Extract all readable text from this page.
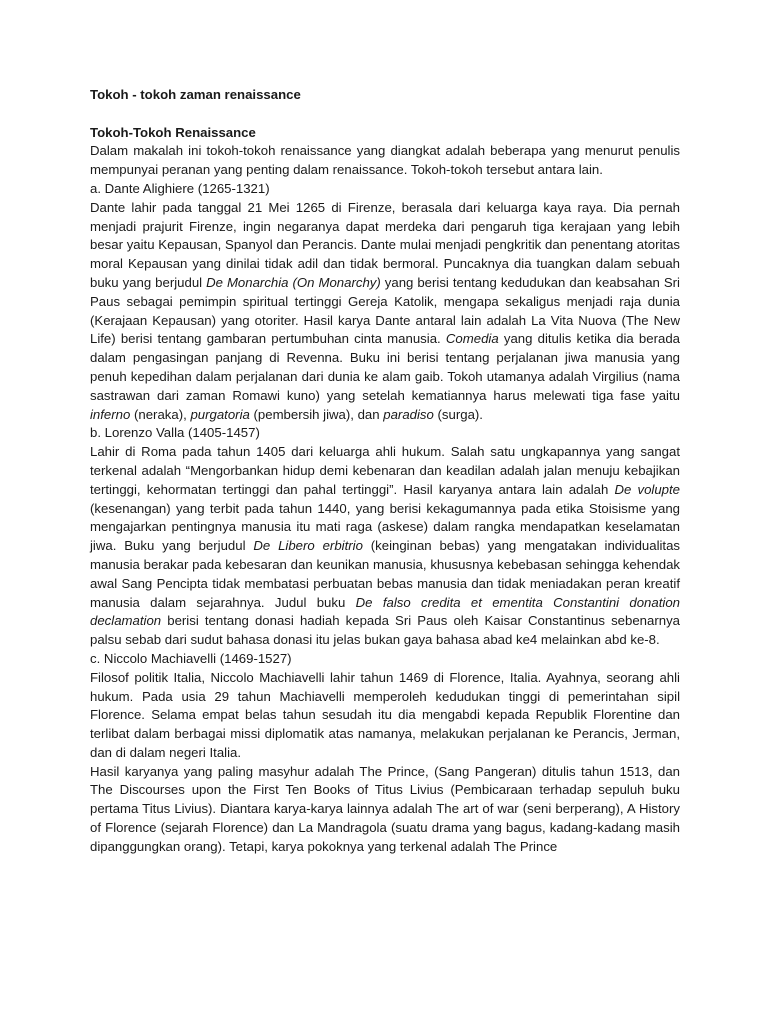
Tokoh - tokoh zaman renaissance
Tokoh-Tokoh Renaissance

Dalam makalah ini tokoh-tokoh renaissance yang diangkat adalah beberapa yang menurut penulis mempunyai peranan yang penting dalam renaissance. Tokoh-tokoh tersebut antara lain.

a. Dante Alighiere (1265-1321)

Dante lahir pada tanggal 21 Mei 1265 di Firenze, berasala dari keluarga kaya raya. Dia pernah menjadi prajurit Firenze, ingin negaranya dapat merdeka dari pengaruh tiga kerajaan yang lebih besar yaitu Kepausan, Spanyol dan Perancis. Dante mulai menjadi pengkritik dan penentang atoritas moral Kepausan yang dinilai tidak adil dan tidak bermoral. Puncaknya dia tuangkan dalam sebuah buku yang berjudul De Monarchia (On Monarchy) yang berisi tentang kedudukan dan keabsahan Sri Paus sebagai pemimpin spiritual tertinggi Gereja Katolik, mengapa sekaligus menjadi raja dunia (Kerajaan Kepausan) yang otoriter. Hasil karya Dante antaral lain adalah La Vita Nuova (The New Life) berisi tentang gambaran pertumbuhan cinta manusia. Comedia yang ditulis ketika dia berada dalam pengasingan panjang di Revenna. Buku ini berisi tentang perjalanan jiwa manusia yang penuh kepedihan dalam perjalanan dari dunia ke alam gaib. Tokoh utamanya adalah Virgilius (nama sastrawan dari zaman Romawi kuno) yang setelah kematiannya harus melewati tiga fase yaitu inferno (neraka), purgatoria (pembersih jiwa), dan paradiso (surga).

b. Lorenzo Valla (1405-1457)

Lahir di Roma pada tahun 1405 dari keluarga ahli hukum. Salah satu ungkapannya yang sangat terkenal adalah “Mengorbankan hidup demi kebenaran dan keadilan adalah jalan menuju kebajikan tertinggi, kehormatan tertinggi dan pahal tertinggi”. Hasil karyanya antara lain adalah De volupte (kesenangan) yang terbit pada tahun 1440, yang berisi kekagumannya pada etika Stoisisme yang mengajarkan pentingnya manusia itu mati raga (askese) dalam rangka mendapatkan keselamatan jiwa. Buku yang berjudul De Libero erbitrio (keinginan bebas) yang mengatakan individualitas manusia berakar pada kebesaran dan keunikan manusia, khususnya kebebasan sehingga kehendak awal Sang Pencipta tidak membatasi perbuatan bebas manusia dan tidak meniadakan peran kreatif manusia dalam sejarahnya. Judul buku De falso credita et ementita Constantini donation declamation berisi tentang donasi hadiah kepada Sri Paus oleh Kaisar Constantinus sebenarnya palsu sebab dari sudut bahasa donasi itu jelas bukan gaya bahasa abad ke4 melainkan abd ke-8.

c. Niccolo Machiavelli (1469-1527)

Filosof politik Italia, Niccolo Machiavelli lahir tahun 1469 di Florence, Italia. Ayahnya, seorang ahli hukum. Pada usia 29 tahun Machiavelli memperoleh kedudukan tinggi di pemerintahan sipil Florence. Selama empat belas tahun sesudah itu dia mengabdi kepada Republik Florentine dan terlibat dalam berbagai missi diplomatik atas namanya, melakukan perjalanan ke Perancis, Jerman, dan di dalam negeri Italia.

Hasil karyanya yang paling masyhur adalah The Prince, (Sang Pangeran) ditulis tahun 1513, dan The Discourses upon the First Ten Books of Titus Livius (Pembicaraan terhadap sepuluh buku pertama Titus Livius). Diantara karya-karya lainnya adalah The art of war (seni berperang), A History of Florence (sejarah Florence) dan La Mandragola (suatu drama yang bagus, kadang-kadang masih dipanggungkan orang). Tetapi, karya pokoknya yang terkenal adalah The Prince
